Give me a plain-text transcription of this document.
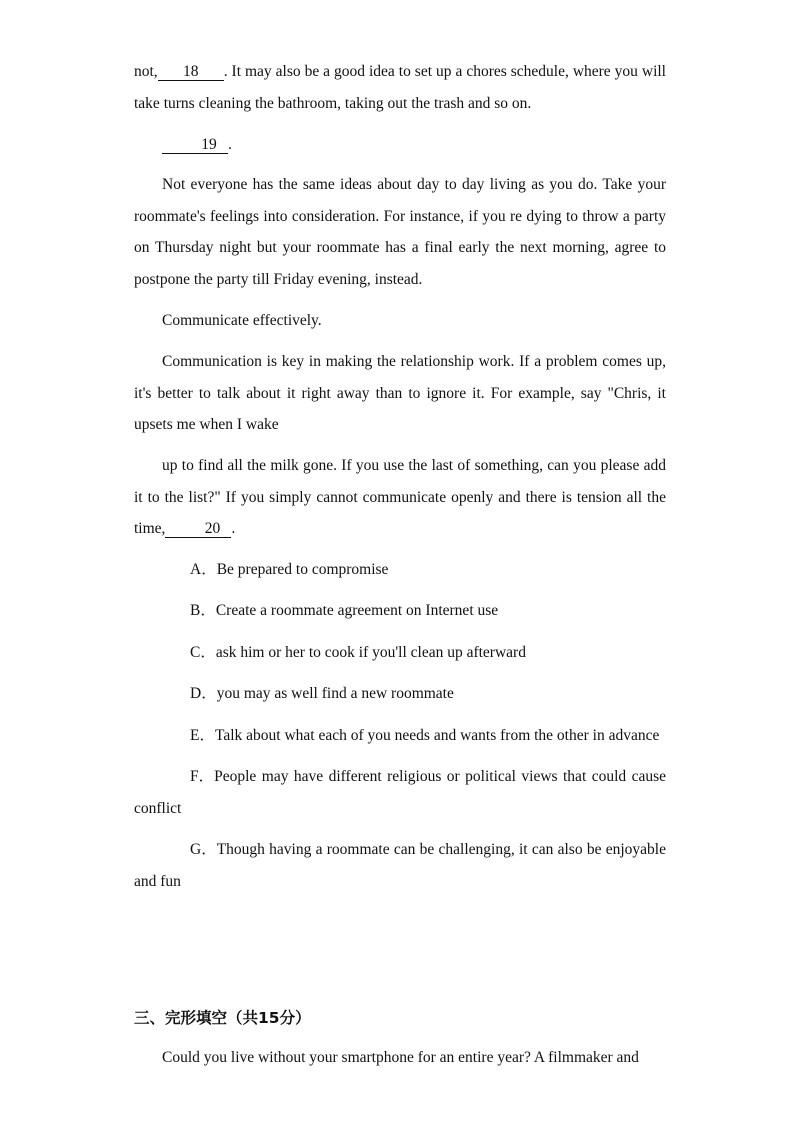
not, 18 . It may also be a good idea to set up a chores schedule, where you will take turns cleaning the bathroom, taking out the trash and so on.

19 .

Not everyone has the same ideas about day to day living as you do. Take your roommate's feelings into consideration. For instance, if you re dying to throw a party on Thursday night but your roommate has a final early the next morning, agree to postpone the party till Friday evening, instead.

Communicate effectively.

Communication is key in making the relationship work. If a problem comes up, it's better to talk about it right away than to ignore it. For example, say "Chris, it upsets me when I wake

up to find all the milk gone. If you use the last of something, can you please add it to the list?" If you simply cannot communicate openly and there is tension all the time,	20 .

A．Be prepared to compromise

B．Create a roommate agreement on Internet use

C．ask him or her to cook if you'll clean up afterward

D．you may as well find a new roommate

E．Talk about what each of you needs and wants from the other in advance

F．People may have different religious or political views that could cause conflict

G．Though having a roommate can be challenging, it can also be enjoyable and fun

三、完形填空（共15分）

Could you live without your smartphone for an entire year? A filmmaker and
